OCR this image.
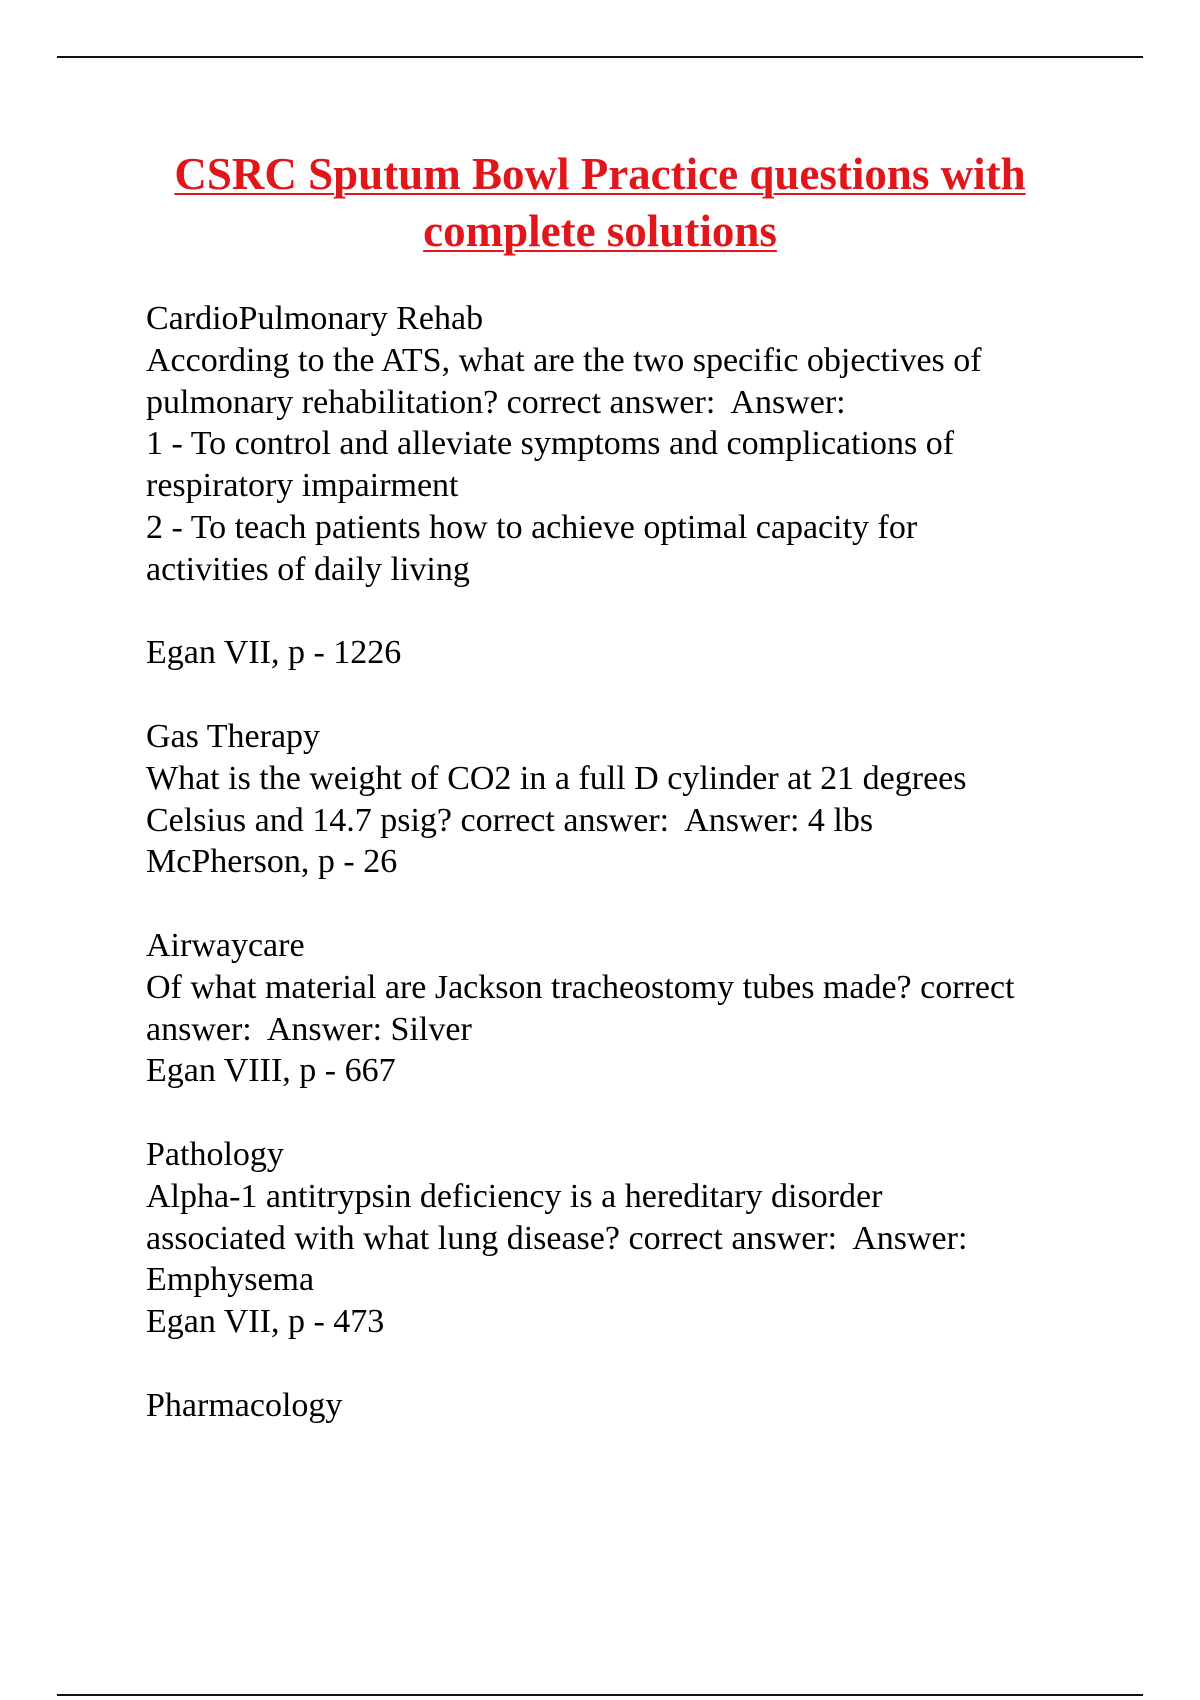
CSRC Sputum Bowl Practice questions with
complete solutions
CardioPulmonary Rehab
According to the ATS, what are the two specific objectives of
pulmonary rehabilitation? correct answer:  Answer:
1 - To control and alleviate symptoms and complications of
respiratory impairment
2 - To teach patients how to achieve optimal capacity for
activities of daily living
Egan VII, p - 1226
Gas Therapy
What is the weight of CO2 in a full D cylinder at 21 degrees
Celsius and 14.7 psig? correct answer:  Answer: 4 lbs
McPherson, p - 26
Airwaycare
Of what material are Jackson tracheostomy tubes made? correct
answer:  Answer: Silver
Egan VIII, p - 667
Pathology
Alpha-1 antitrypsin deficiency is a hereditary disorder
associated with what lung disease? correct answer:  Answer:
Emphysema
Egan VII, p - 473
Pharmacology
